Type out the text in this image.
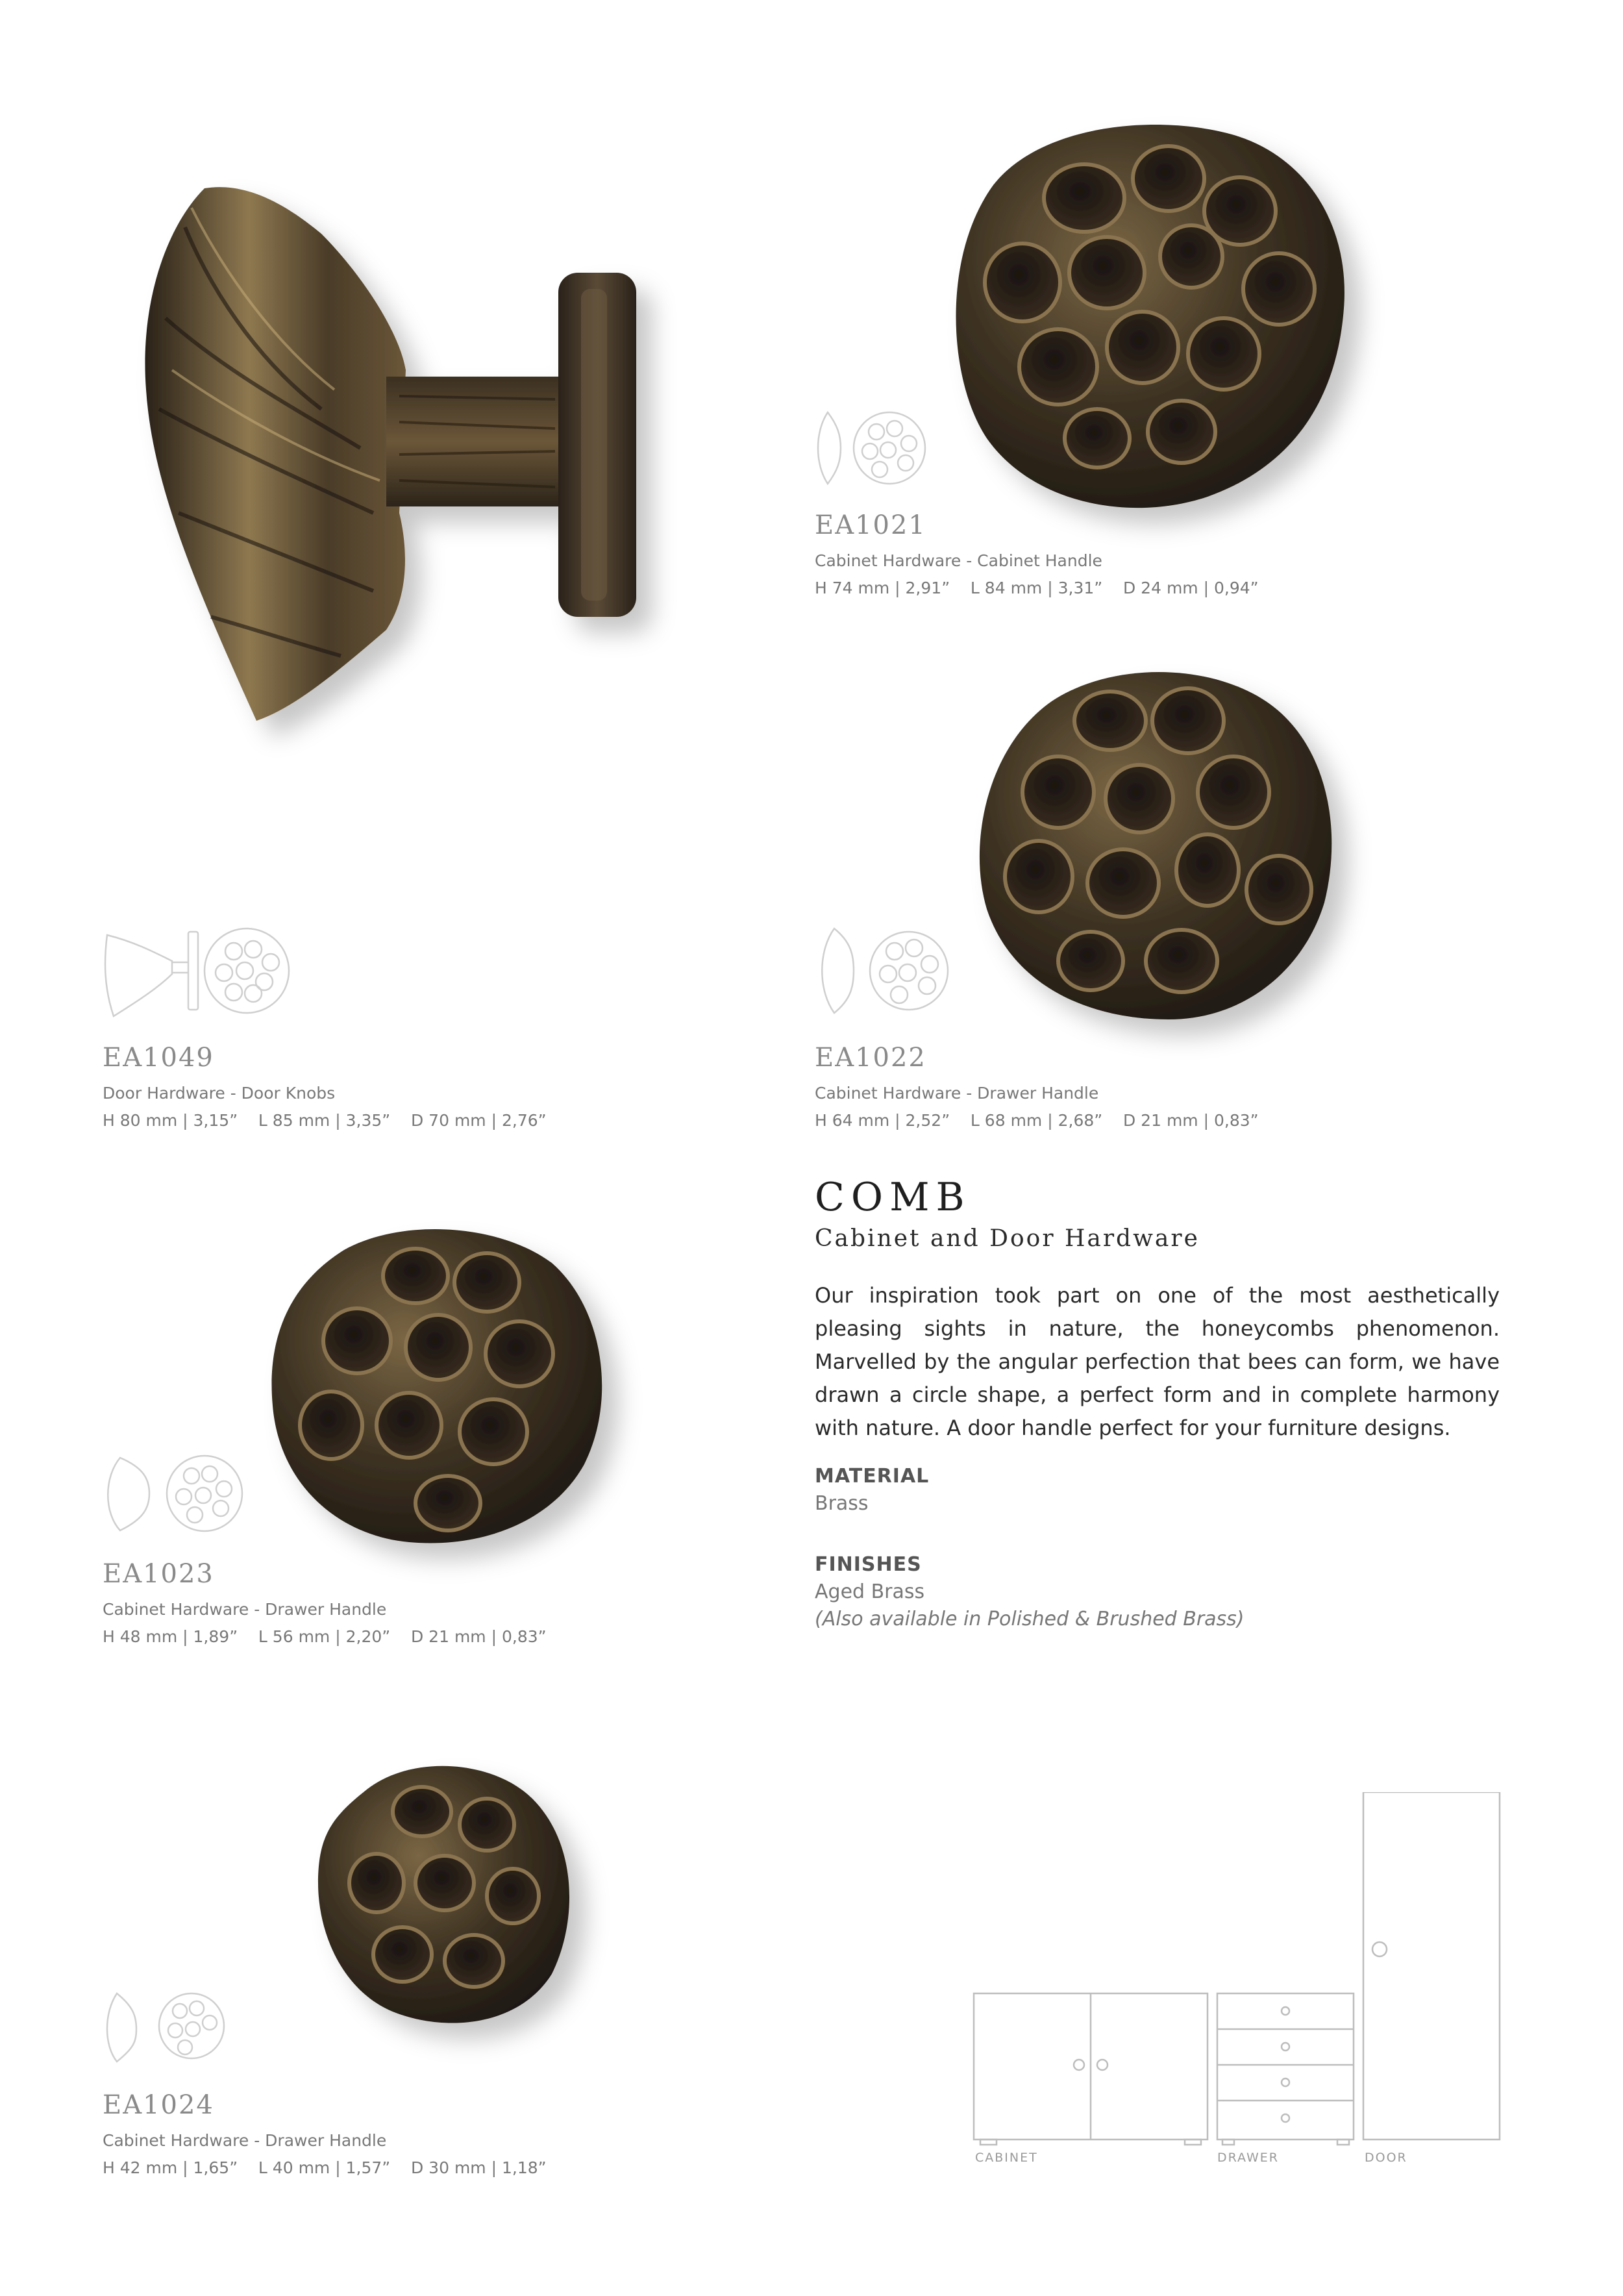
EA1049
Door Hardware - Door Knobs
H 80 mm | 3,15”    L 85 mm | 3,35”    D 70 mm | 2,76”
EA1021
Cabinet Hardware - Cabinet Handle
H 74 mm | 2,91”    L 84 mm | 3,31”    D 24 mm | 0,94”
EA1022
Cabinet Hardware - Drawer Handle
H 64 mm | 2,52”    L 68 mm | 2,68”    D 21 mm | 0,83”
EA1023
Cabinet Hardware - Drawer Handle
H 48 mm | 1,89”    L 56 mm | 2,20”    D 21 mm | 0,83”
EA1024
Cabinet Hardware - Drawer Handle
H 42 mm | 1,65”    L 40 mm | 1,57”    D 30 mm | 1,18”
COMB
Cabinet and Door Hardware
Our inspiration took part on one of the most aesthetically pleasing sights in nature, the honeycombs phenomenon. Marvelled by the angular perfection that bees can form, we have drawn a circle shape, a perfect form and in complete harmony with nature. A door handle perfect for your furniture designs.
MATERIAL
Brass
FINISHES
Aged Brass
(Also available in Polished & Brushed Brass)
CABINET	DRAWER	DOOR
